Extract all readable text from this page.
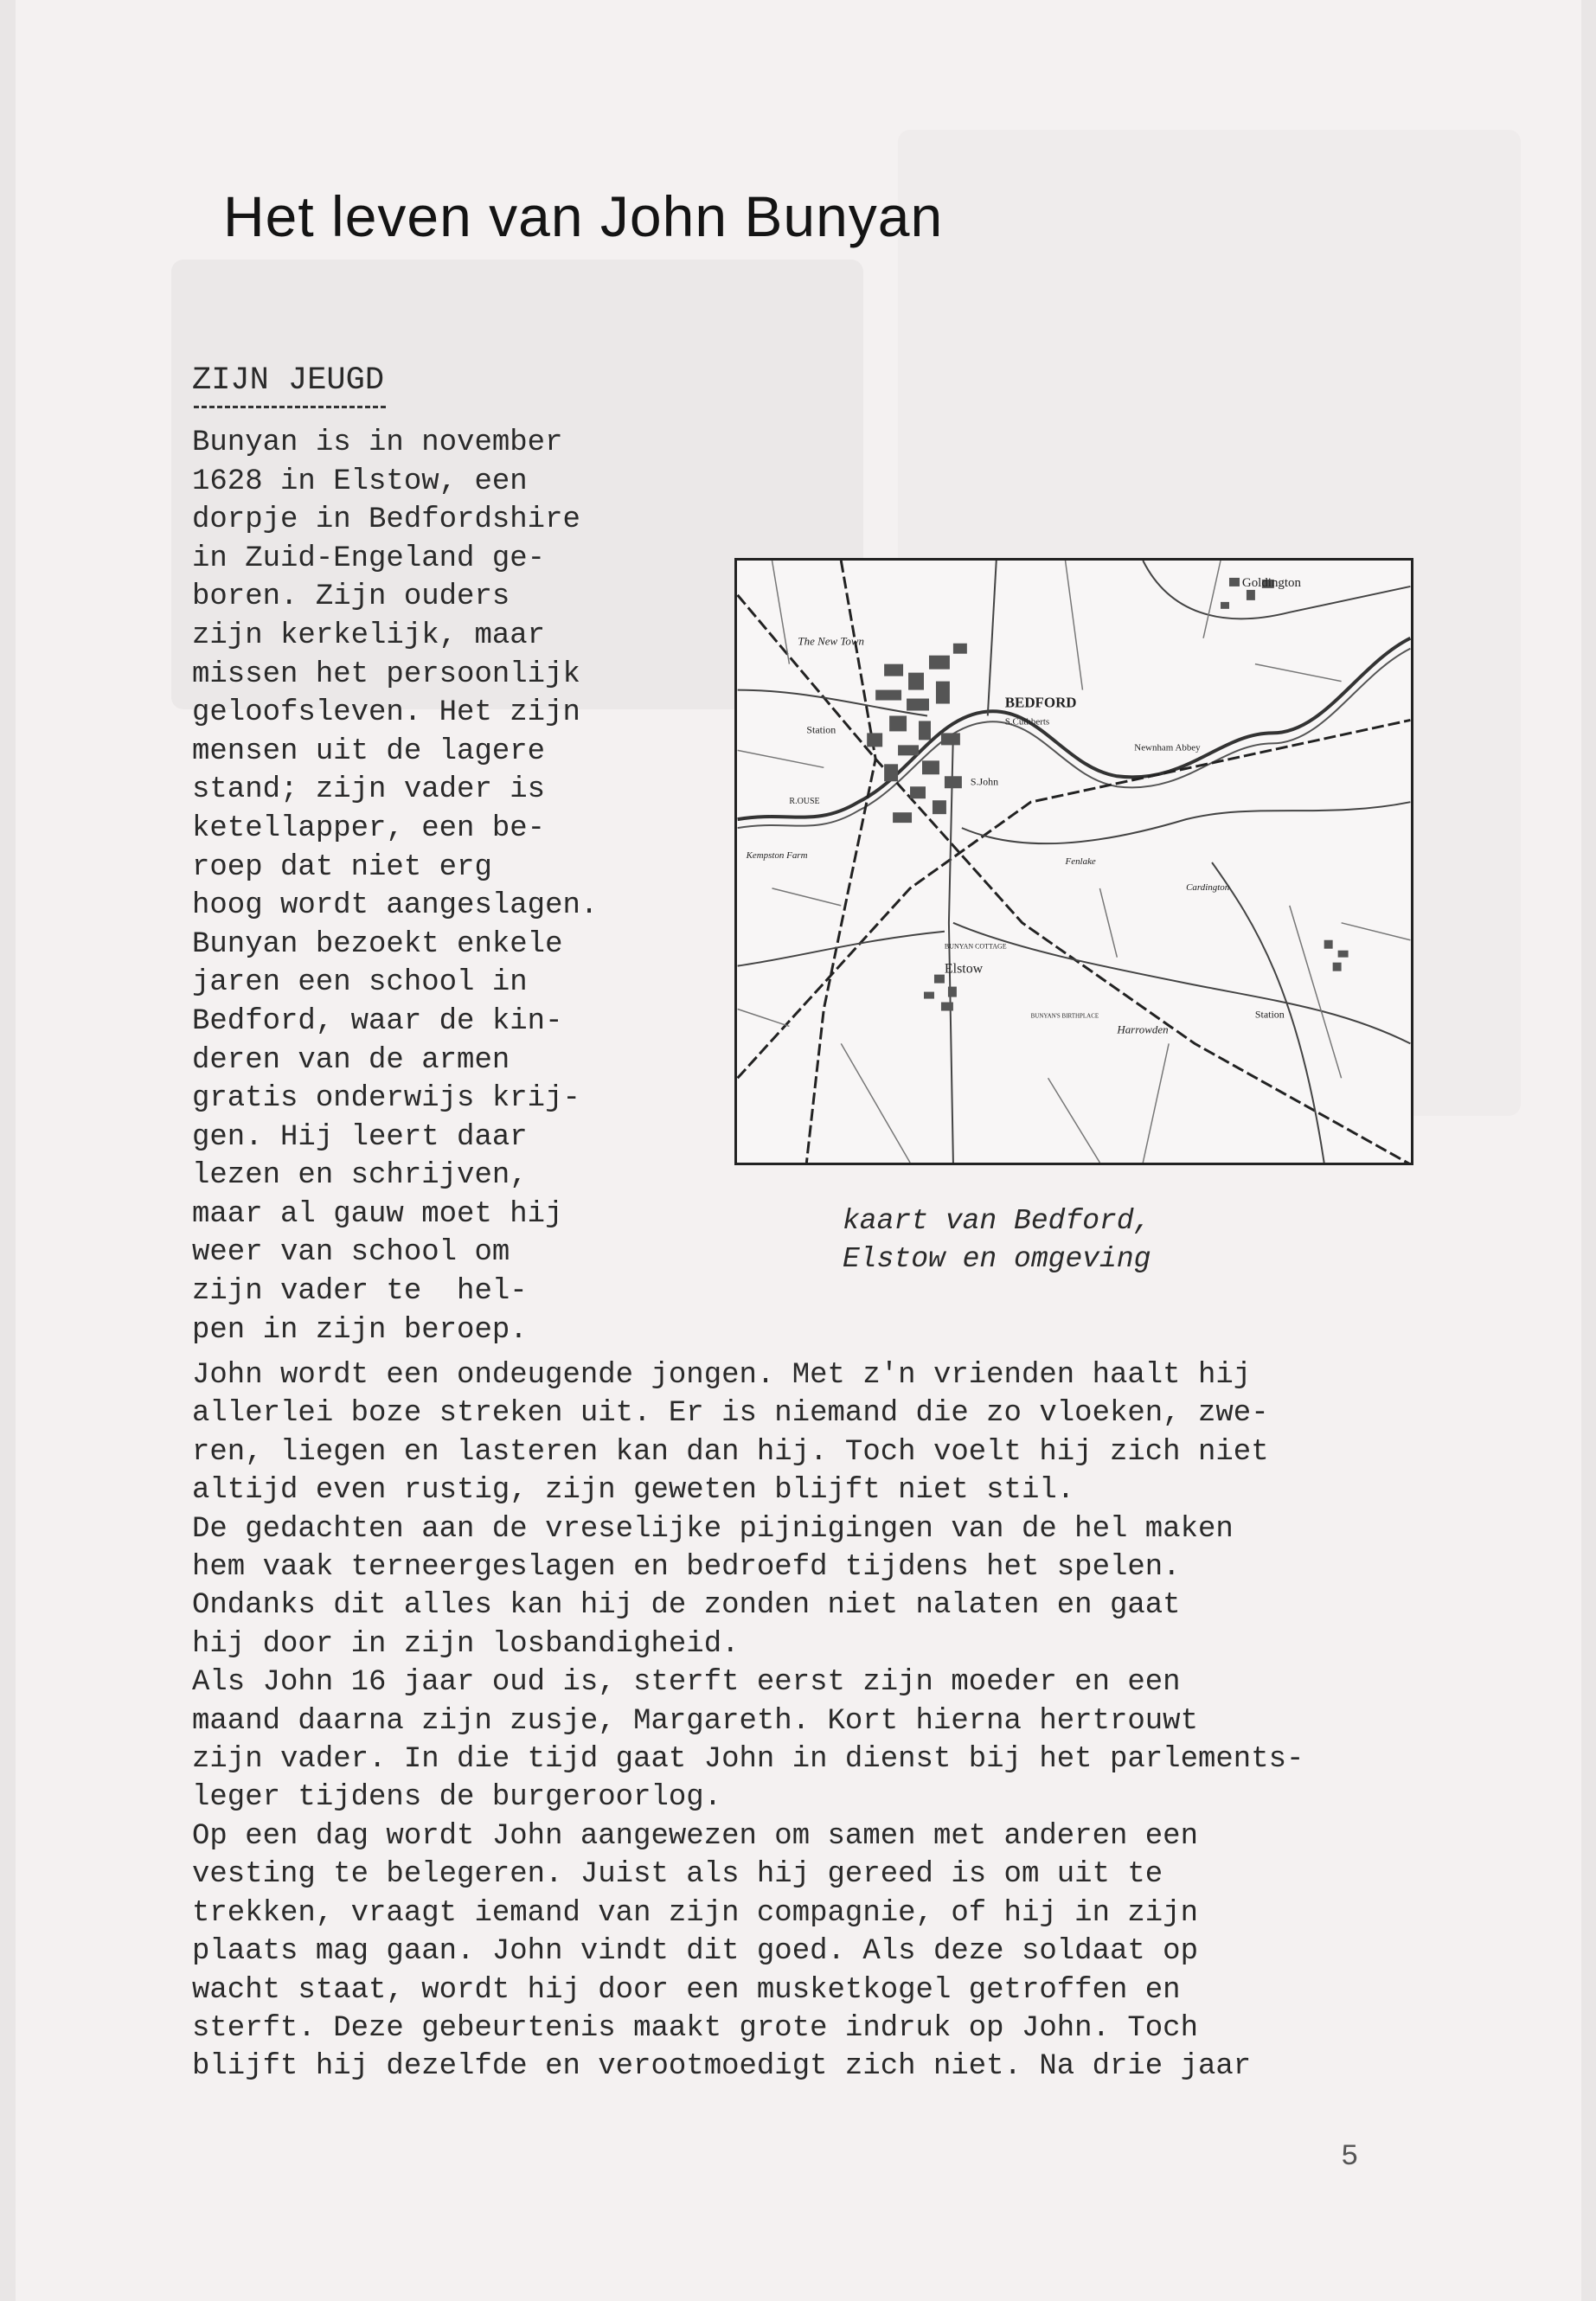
Het leven van John Bunyan
ZIJN JEUGD

Bunyan is in november
1628 in Elstow, een
dorpje in Bedfordshire
in Zuid-Engeland ge-
boren. Zijn ouders
zijn kerkelijk, maar
missen het persoonlijk
geloofsleven. Het zijn
mensen uit de lagere
stand; zijn vader is
ketellapper, een be-
roep dat niet erg
hoog wordt aangeslagen.
Bunyan bezoekt enkele
jaren een school in
Bedford, waar de kin-
deren van de armen
gratis onderwijs krij-
gen. Hij leert daar
lezen en schrijven,
maar al gauw moet hij
weer van school om
zijn vader te  hel-
pen in zijn beroep.

Goldington
The New Town
BEDFORD
Station
S.Cuthberts
Newnham Abbey
R.OUSE
S.John
Kempston Farm
Fenlake
Cardington
Elstow
BUNYAN COTTAGE
BUNYAN'S BIRTHPLACE
Harrowden
Station
kaart van Bedford,
Elstow en omgeving

John wordt een ondeugende jongen. Met z'n vrienden haalt hij
allerlei boze streken uit. Er is niemand die zo vloeken, zwe-
ren, liegen en lasteren kan dan hij. Toch voelt hij zich niet
altijd even rustig, zijn geweten blijft niet stil.
De gedachten aan de vreselijke pijnigingen van de hel maken
hem vaak terneergeslagen en bedroefd tijdens het spelen.
Ondanks dit alles kan hij de zonden niet nalaten en gaat
hij door in zijn losbandigheid.
Als John 16 jaar oud is, sterft eerst zijn moeder en een
maand daarna zijn zusje, Margareth. Kort hierna hertrouwt
zijn vader. In die tijd gaat John in dienst bij het parlements-
leger tijdens de burgeroorlog.
Op een dag wordt John aangewezen om samen met anderen een
vesting te belegeren. Juist als hij gereed is om uit te
trekken, vraagt iemand van zijn compagnie, of hij in zijn
plaats mag gaan. John vindt dit goed. Als deze soldaat op
wacht staat, wordt hij door een musketkogel getroffen en
sterft. Deze gebeurtenis maakt grote indruk op John. Toch
blijft hij dezelfde en verootmoedigt zich niet. Na drie jaar

5
